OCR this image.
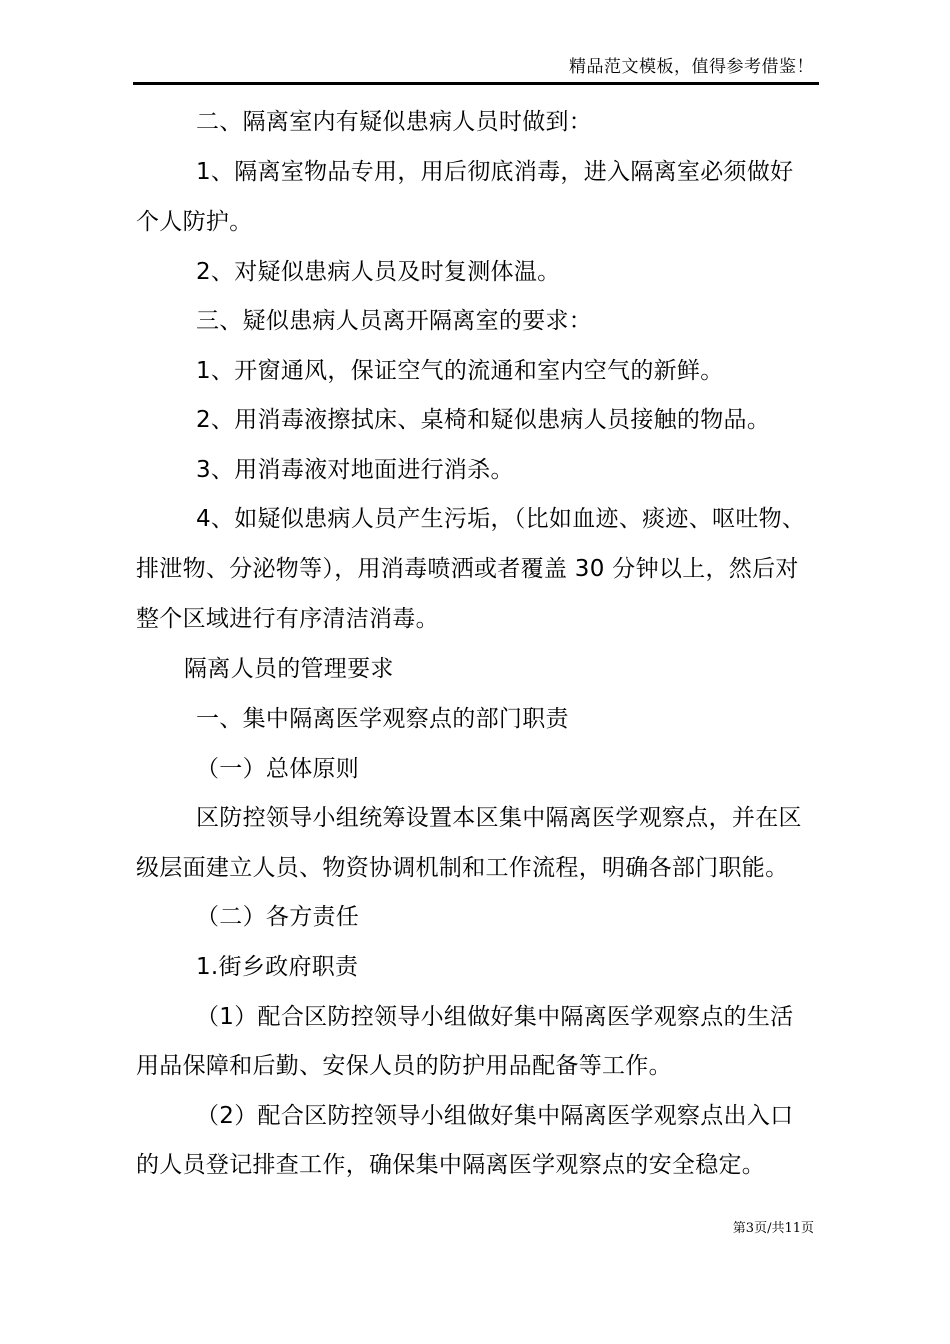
精品范文模板，值得参考借鉴！
二、隔离室内有疑似患病人员时做到：
1、隔离室物品专用，用后彻底消毒，进入隔离室必须做好
个人防护。
2、对疑似患病人员及时复测体温。
三、疑似患病人员离开隔离室的要求：
1、开窗通风，保证空气的流通和室内空气的新鲜。
2、用消毒液擦拭床、桌椅和疑似患病人员接触的物品。
3、用消毒液对地面进行消杀。
4、如疑似患病人员产生污垢，（比如血迹、痰迹、呕吐物、
排泄物、分泌物等），用消毒喷洒或者覆盖 30 分钟以上，然后对
整个区域进行有序清洁消毒。
隔离人员的管理要求
一、集中隔离医学观察点的部门职责
（一）总体原则
区防控领导小组统筹设置本区集中隔离医学观察点，并在区
级层面建立人员、物资协调机制和工作流程，明确各部门职能。
（二）各方责任
1.街乡政府职责
（1）配合区防控领导小组做好集中隔离医学观察点的生活
用品保障和后勤、安保人员的防护用品配备等工作。
（2）配合区防控领导小组做好集中隔离医学观察点出入口
的人员登记排查工作，确保集中隔离医学观察点的安全稳定。
第3页/共11页
